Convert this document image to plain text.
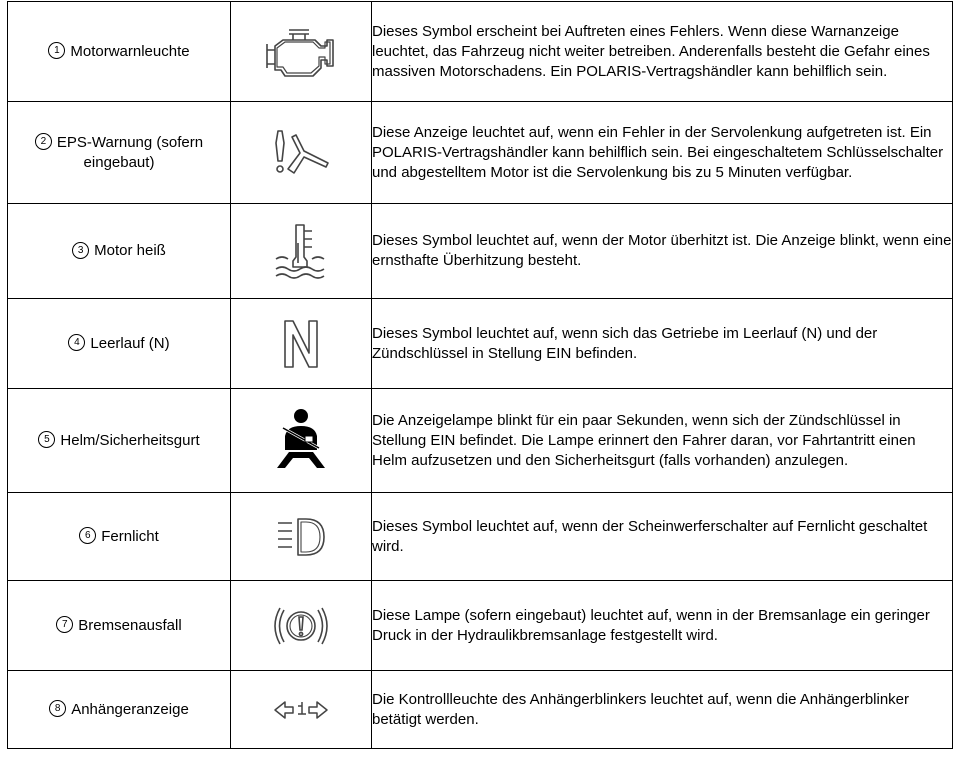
1 Motorwarnleuchte		Dieses Symbol erscheint bei Auftreten eines Fehlers. Wenn diese Warnanzeige leuchtet, das Fahrzeug nicht weiter betreiben. Anderenfalls besteht die Gefahr eines massiven Motorschadens. Ein POLARIS-Vertragshändler kann behilflich sein.
2 EPS-Warnung (sofern eingebaut)		Diese Anzeige leuchtet auf, wenn ein Fehler in der Servolenkung aufgetreten ist. Ein POLARIS-Vertragshändler kann behilflich sein. Bei eingeschaltetem Schlüsselschalter und abgestelltem Motor ist die Servolenkung bis zu 5 Minuten verfügbar.
3 Motor heiß		Dieses Symbol leuchtet auf, wenn der Motor überhitzt ist. Die Anzeige blinkt, wenn eine ernsthafte Überhitzung besteht.
4 Leerlauf (N)		Dieses Symbol leuchtet auf, wenn sich das Getriebe im Leerlauf (N) und der Zündschlüssel in Stellung EIN befinden.
5 Helm/Sicherheitsgurt		Die Anzeigelampe blinkt für ein paar Sekunden, wenn sich der Zündschlüssel in Stellung EIN befindet. Die Lampe erinnert den Fahrer daran, vor Fahrtantritt einen Helm aufzusetzen und den Sicherheitsgurt (falls vorhanden) anzulegen.
6 Fernlicht		Dieses Symbol leuchtet auf, wenn der Scheinwerferschalter auf Fernlicht geschaltet wird.
7 Bremsenausfall		Diese Lampe (sofern eingebaut) leuchtet auf, wenn in der Bremsanlage ein geringer Druck in der Hydraulikbremsanlage festgestellt wird.
8 Anhängeranzeige		Die Kontrollleuchte des Anhängerblinkers leuchtet auf, wenn die Anhängerblinker betätigt werden.
